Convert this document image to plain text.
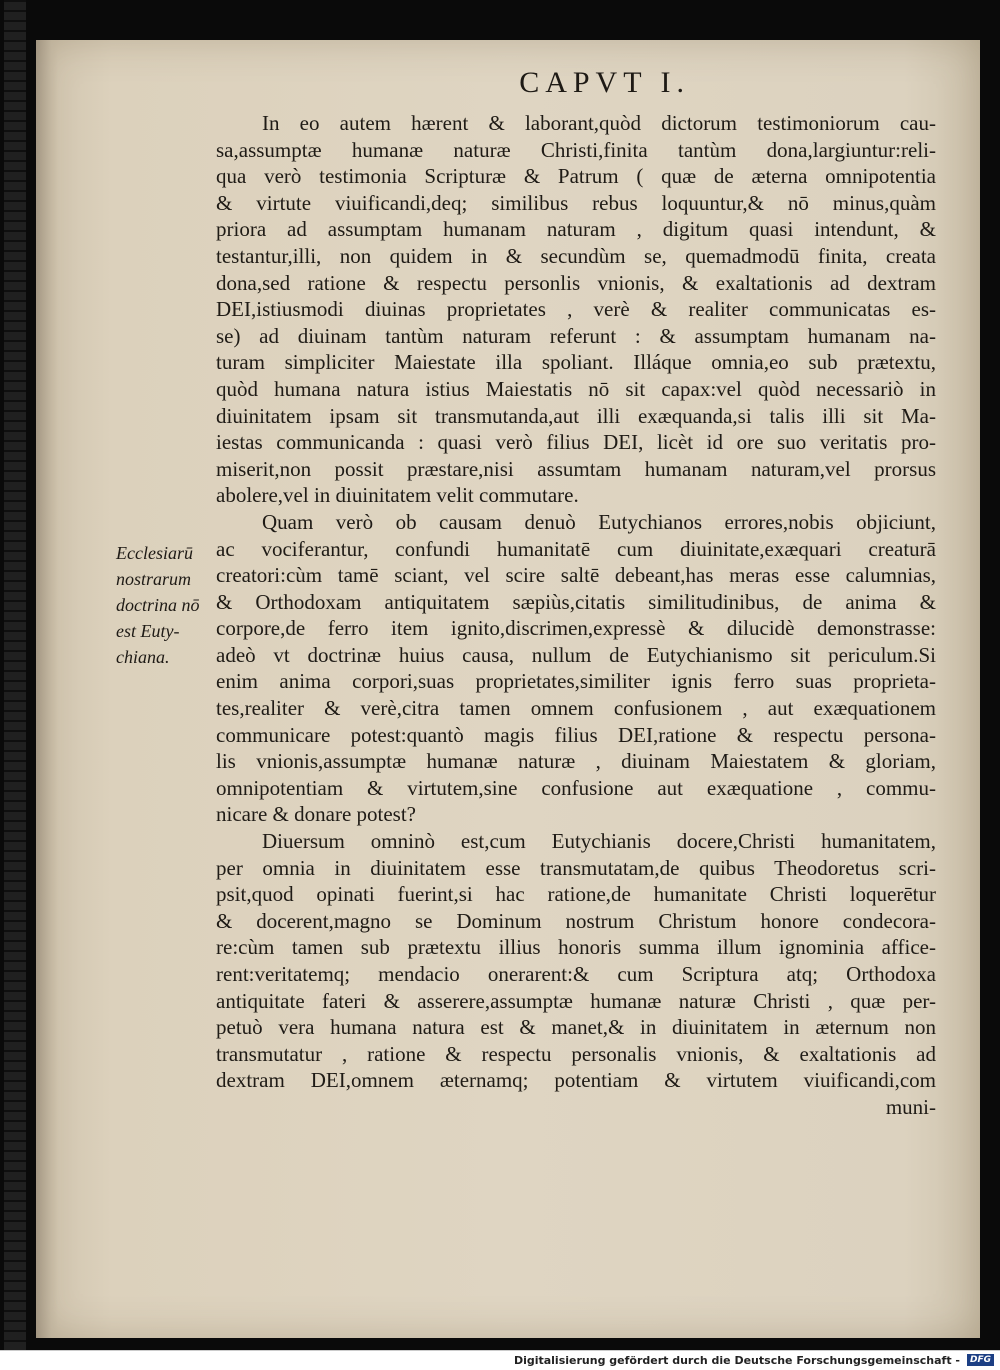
CAPVT I.
Ecclesiarū
nostrarum
doctrina nō
est Euty-
chiana.
In eo autem hærent & laborant,quòd dictorum testimoniorum cau-
sa,assumptæ humanæ naturæ Christi,finita tantùm dona,largiuntur:reli-
qua verò testimonia Scripturæ & Patrum ( quæ de æterna omnipotentia
& virtute viuificandi,deq; similibus rebus loquuntur,& nō minus,quàm
priora ad assumptam humanam naturam , digitum quasi intendunt, &
testantur,illi, non quidem in & secundùm se, quemadmodū finita, creata
dona,sed ratione & respectu personlis vnionis, & exaltationis ad dextram
DEI,istiusmodi diuinas proprietates , verè & realiter communicatas es-
se) ad diuinam tantùm naturam referunt : & assumptam humanam na-
turam simpliciter Maiestate illa spoliant. Illáque omnia,eo sub prætextu,
quòd humana natura istius Maiestatis nō sit capax:vel quòd necessariò in
diuinitatem ipsam sit transmutanda,aut illi exæquanda,si talis illi sit Ma-
iestas communicanda : quasi verò filius DEI, licèt id ore suo veritatis pro-
miserit,non possit præstare,nisi assumtam humanam naturam,vel prorsus
abolere,vel in diuinitatem velit commutare.
Quam verò ob causam denuò Eutychianos errores,nobis objiciunt,
ac vociferantur, confundi humanitatē cum diuinitate,exæquari creaturā
creatori:cùm tamē sciant, vel scire saltē debeant,has meras esse calumnias,
& Orthodoxam antiquitatem sæpiùs,citatis similitudinibus, de anima &
corpore,de ferro item ignito,discrimen,expressè & dilucidè demonstrasse:
adeò vt doctrinæ huius causa, nullum de Eutychianismo sit periculum.Si
enim anima corpori,suas proprietates,similiter ignis ferro suas proprieta-
tes,realiter & verè,citra tamen omnem confusionem , aut exæquationem
communicare potest:quantò magis filius DEI,ratione & respectu persona-
lis vnionis,assumptæ humanæ naturæ , diuinam Maiestatem & gloriam,
omnipotentiam & virtutem,sine confusione aut exæquatione , commu-
nicare & donare potest?
Diuersum omninò est,cum Eutychianis docere,Christi humanitatem,
per omnia in diuinitatem esse transmutatam,de quibus Theodoretus scri-
psit,quod opinati fuerint,si hac ratione,de humanitate Christi loquerētur
& docerent,magno se Dominum nostrum Christum honore condecora-
re:cùm tamen sub prætextu illius honoris summa illum ignominia affice-
rent:veritatemq; mendacio onerarent:& cum Scriptura atq; Orthodoxa
antiquitate fateri & asserere,assumptæ humanæ naturæ Christi , quæ per-
petuò vera humana natura est & manet,& in diuinitatem in æternum non
transmutatur , ratione & respectu personalis vnionis, & exaltationis ad
dextram DEI,omnem æternamq; potentiam & virtutem viuificandi,com
muni-
Digitalisierung gefördert durch die Deutsche Forschungsgemeinschaft -	DFG
